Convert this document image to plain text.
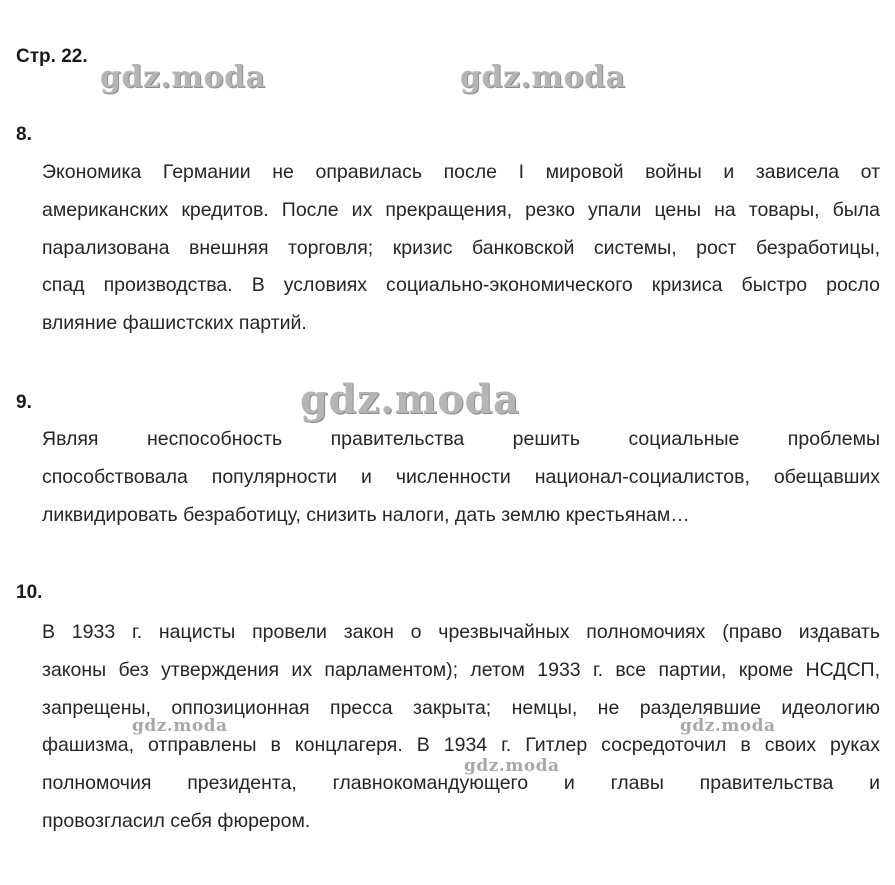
Стр. 22.
gdz.moda	gdz.moda
8.
Экономика Германии не оправилась после I мировой войны и зависела от
американских кредитов. После их прекращения, резко упали цены на товары, была
парализована внешняя торговля; кризис банковской системы, рост безработицы,
спад производства. В условиях социально-экономического кризиса быстро росло
влияние фашистских партий.
gdz.moda
9.
Являя неспособность правительства решить социальные проблемы
способствовала популярности и численности национал-социалистов, обещавших
ликвидировать безработицу, снизить налоги, дать землю крестьянам…
10.
В 1933 г. нацисты провели закон о чрезвычайных полномочиях (право издавать
законы без утверждения их парламентом); летом 1933 г. все партии, кроме НСДСП,
запрещены, оппозиционная пресса закрыта; немцы, не разделявшие идеологию
фашизма, отправлены в концлагеря. В 1934 г. Гитлер сосредоточил в своих руках
полномочия президента, главнокомандующего и главы правительства и
провозгласил себя фюрером.
gdz.moda	gdz.moda
gdz.moda
